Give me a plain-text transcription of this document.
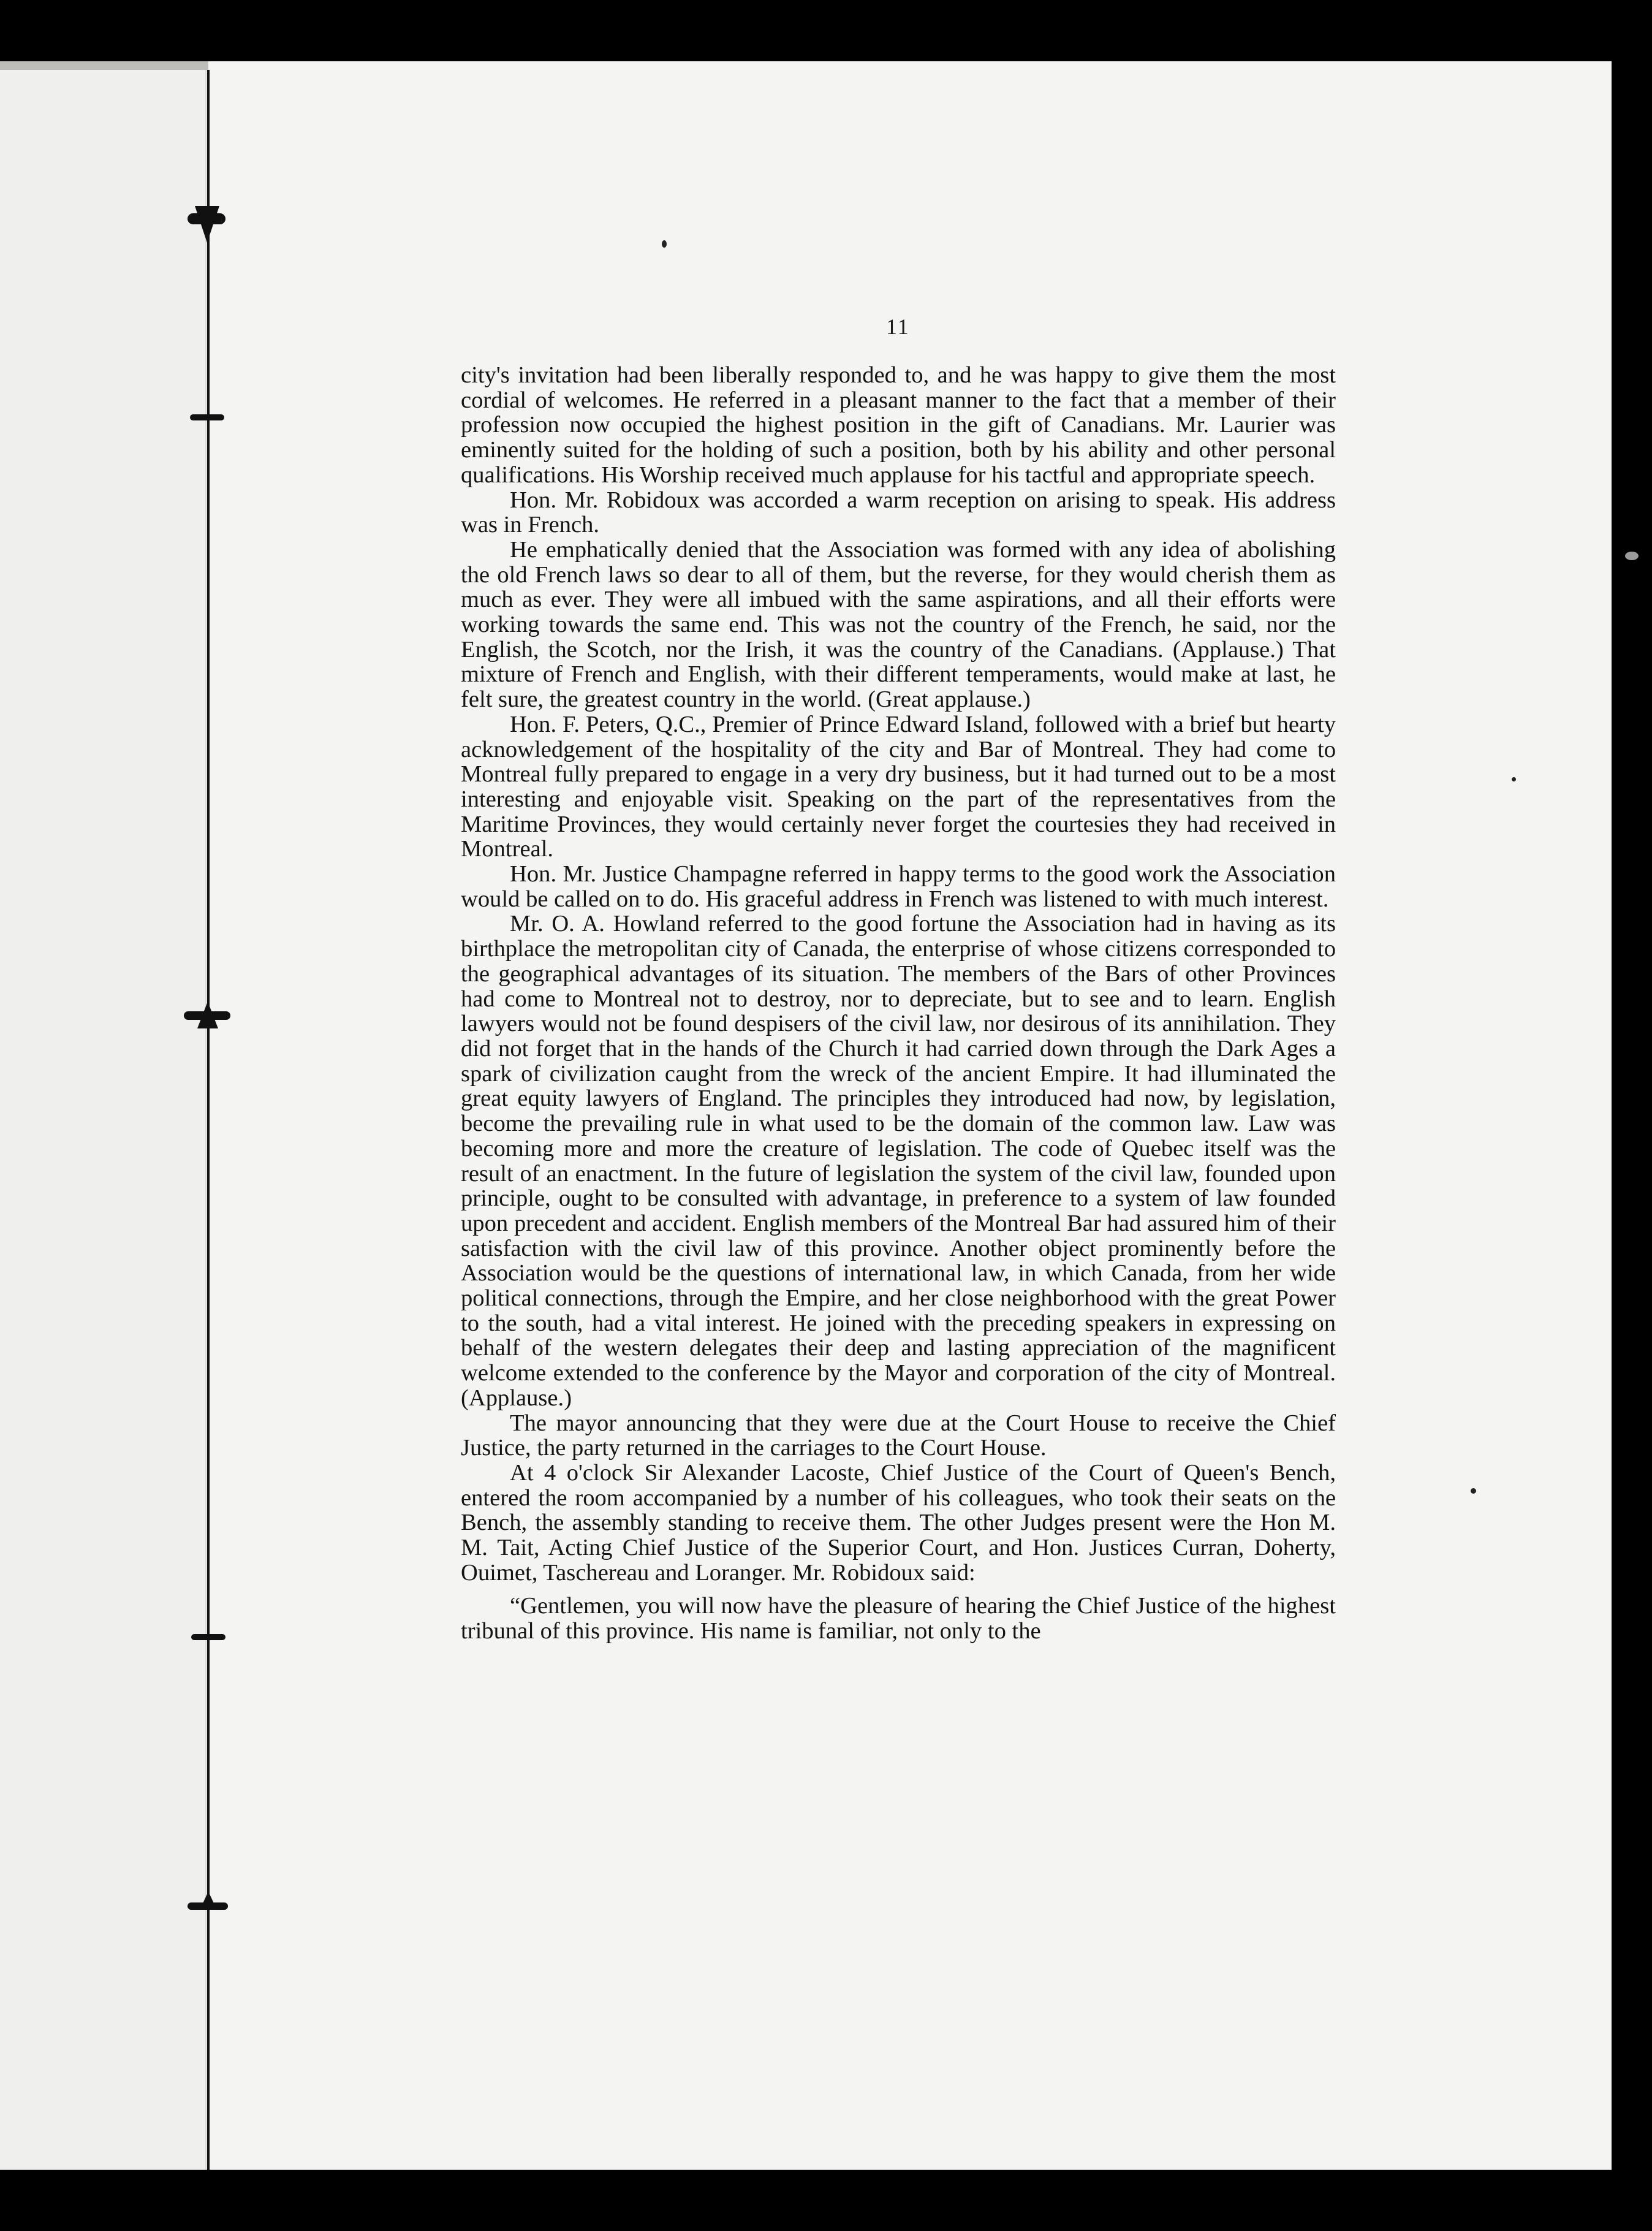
11

city's invitation had been liberally responded to, and he was happy to give them the most cordial of welcomes. He referred in a pleasant manner to the fact that a member of their profession now occupied the highest position in the gift of Canadians. Mr. Laurier was eminently suited for the holding of such a position, both by his ability and other personal qualifications. His Worship received much applause for his tactful and appropriate speech.

Hon. Mr. Robidoux was accorded a warm reception on arising to speak. His address was in French.

He emphatically denied that the Association was formed with any idea of abolishing the old French laws so dear to all of them, but the reverse, for they would cherish them as much as ever. They were all imbued with the same aspirations, and all their efforts were working towards the same end. This was not the country of the French, he said, nor the English, the Scotch, nor the Irish, it was the country of the Canadians. (Applause.) That mixture of French and English, with their different temperaments, would make at last, he felt sure, the greatest country in the world. (Great applause.)

Hon. F. Peters, Q.C., Premier of Prince Edward Island, followed with a brief but hearty acknowledgement of the hospitality of the city and Bar of Montreal. They had come to Montreal fully prepared to engage in a very dry business, but it had turned out to be a most interesting and enjoyable visit. Speaking on the part of the representatives from the Maritime Provinces, they would certainly never forget the courtesies they had received in Montreal.

Hon. Mr. Justice Champagne referred in happy terms to the good work the Association would be called on to do. His graceful address in French was listened to with much interest.

Mr. O. A. Howland referred to the good fortune the Association had in having as its birthplace the metropolitan city of Canada, the enterprise of whose citizens corresponded to the geographical advantages of its situation. The members of the Bars of other Provinces had come to Montreal not to destroy, nor to depreciate, but to see and to learn. English lawyers would not be found despisers of the civil law, nor desirous of its annihilation. They did not forget that in the hands of the Church it had carried down through the Dark Ages a spark of civilization caught from the wreck of the ancient Empire. It had illuminated the great equity lawyers of England. The principles they introduced had now, by legislation, become the prevailing rule in what used to be the domain of the common law. Law was becoming more and more the creature of legislation. The code of Quebec itself was the result of an enactment. In the future of legislation the system of the civil law, founded upon principle, ought to be consulted with advantage, in preference to a system of law founded upon precedent and accident. English members of the Montreal Bar had assured him of their satisfaction with the civil law of this province. Another object prominently before the Association would be the questions of international law, in which Canada, from her wide political connections, through the Empire, and her close neighborhood with the great Power to the south, had a vital interest. He joined with the preceding speakers in expressing on behalf of the western delegates their deep and lasting appreciation of the magnificent welcome extended to the conference by the Mayor and corporation of the city of Montreal. (Applause.)

The mayor announcing that they were due at the Court House to receive the Chief Justice, the party returned in the carriages to the Court House.

At 4 o'clock Sir Alexander Lacoste, Chief Justice of the Court of Queen's Bench, entered the room accompanied by a number of his colleagues, who took their seats on the Bench, the assembly standing to receive them. The other Judges present were the Hon M. M. Tait, Acting Chief Justice of the Superior Court, and Hon. Justices Curran, Doherty, Ouimet, Taschereau and Loranger. Mr. Robidoux said:

“Gentlemen, you will now have the pleasure of hearing the Chief Justice of the highest tribunal of this province. His name is familiar, not only to the
